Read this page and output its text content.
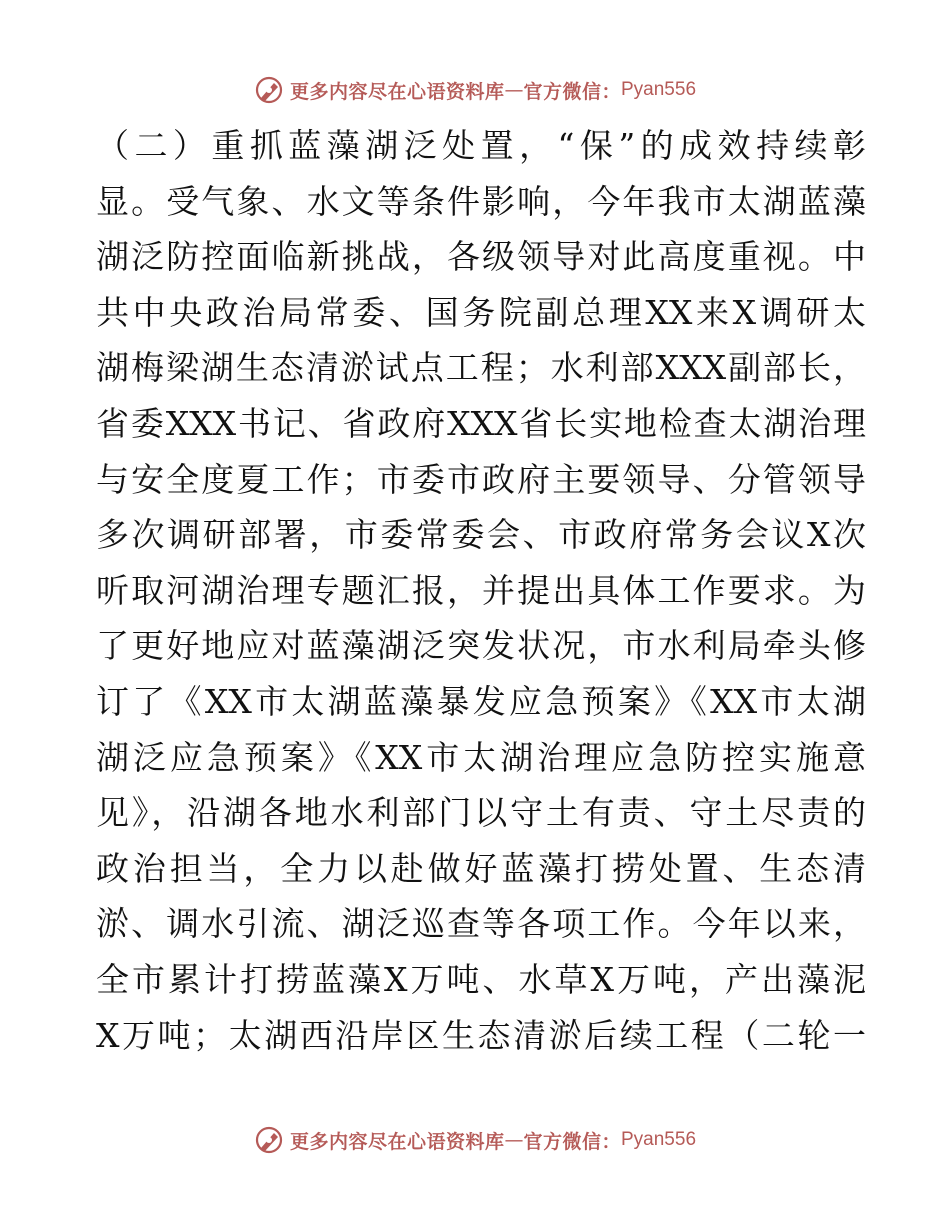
更多内容尽在心语资料库 — 官方微信： Pyan556
（二）重抓蓝藻湖泛处置，“保”的成效持续彰
显。受气象、水文等条件影响，今年我市太湖蓝藻
湖泛防控面临新挑战，各级领导对此高度重视。中
共中央政治局常委、国务院副总理XX来X调研太
湖梅梁湖生态清淤试点工程；水利部XXX副部长，
省委XXX书记、省政府XXX省长实地检查太湖治理
与安全度夏工作；市委市政府主要领导、分管领导
多次调研部署，市委常委会、市政府常务会议X次
听取河湖治理专题汇报，并提出具体工作要求。为
了更好地应对蓝藻湖泛突发状况，市水利局牵头修
订了《XX市太湖蓝藻暴发应急预案》《XX市太湖
湖泛应急预案》《XX市太湖治理应急防控实施意
见》，沿湖各地水利部门以守土有责、守土尽责的
政治担当，全力以赴做好蓝藻打捞处置、生态清
淤、调水引流、湖泛巡查等各项工作。今年以来，
全市累计打捞蓝藻X万吨、水草X万吨，产出藻泥
X万吨；太湖西沿岸区生态清淤后续工程（二轮一
更多内容尽在心语资料库 — 官方微信： Pyan556
